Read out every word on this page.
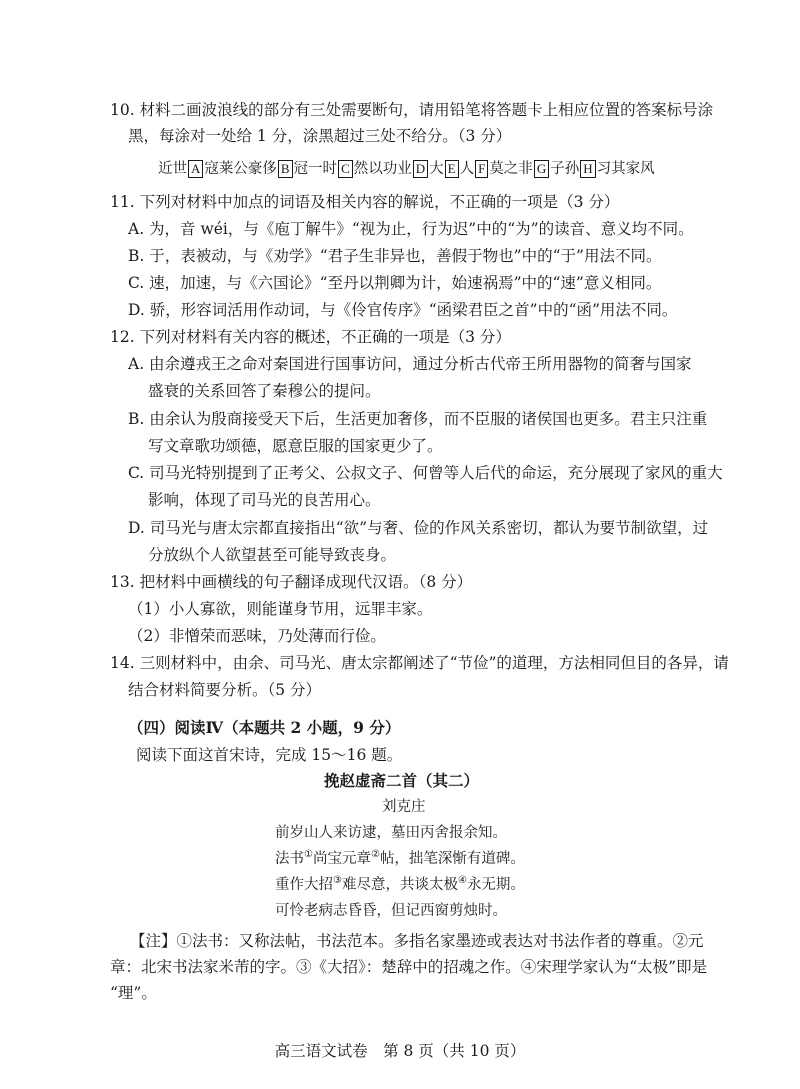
10. 材料二画波浪线的部分有三处需要断句，请用铅笔将答题卡上相应位置的答案标号涂
黑，每涂对一处给 1 分，涂黑超过三处不给分。（3 分）
近世 A 寇莱公豪侈 B 冠一时 C 然以功业 D 大 E 人 F 莫之非 G 子孙 H 习其家风
11. 下列对材料中加点的词语及相关内容的解说，不正确的一项是（3 分）
A. 为，音 wéi，与《庖丁解牛》“视为止，行为迟”中的“为”的读音、意义均不同。
B. 于，表被动，与《劝学》“君子生非异也，善假于物也”中的“于”用法不同。
C. 速，加速，与《六国论》“至丹以荆卿为计，始速祸焉”中的“速”意义相同。
D. 骄，形容词活用作动词，与《伶官传序》“函梁君臣之首”中的“函”用法不同。
12. 下列对材料有关内容的概述，不正确的一项是（3 分）
A. 由余遵戎王之命对秦国进行国事访问，通过分析古代帝王所用器物的简奢与国家
盛衰的关系回答了秦穆公的提问。
B. 由余认为殷商接受天下后，生活更加奢侈，而不臣服的诸侯国也更多。君主只注重
写文章歌功颂德，愿意臣服的国家更少了。
C. 司马光特别提到了正考父、公叔文子、何曾等人后代的命运，充分展现了家风的重大
影响，体现了司马光的良苦用心。
D. 司马光与唐太宗都直接指出“欲”与奢、俭的作风关系密切，都认为要节制欲望，过
分放纵个人欲望甚至可能导致丧身。
13. 把材料中画横线的句子翻译成现代汉语。（8 分）
（1）小人寡欲，则能谨身节用，远罪丰家。
（2）非憎荣而恶味，乃处薄而行俭。
14. 三则材料中，由余、司马光、唐太宗都阐述了“节俭”的道理，方法相同但目的各异，请
结合材料简要分析。（5 分）
（四）阅读Ⅳ（本题共 2 小题，9 分）
阅读下面这首宋诗，完成 15～16 题。
挽赵虚斋二首（其二）
刘克庄
前岁山人来访逮，墓田丙舍报余知。
法书①尚宝元章②帖，拙笔深惭有道碑。
重作大招③难尽意，共谈太极④永无期。
可怜老病志昏昏，但记西窗剪烛时。
【注】①法书：又称法帖，书法范本。多指名家墨迹或表达对书法作者的尊重。②元
章：北宋书法家米芾的字。③《大招》：楚辞中的招魂之作。④宋理学家认为“太极”即是
“理”。
高三语文试卷　第 8 页（共 10 页）
